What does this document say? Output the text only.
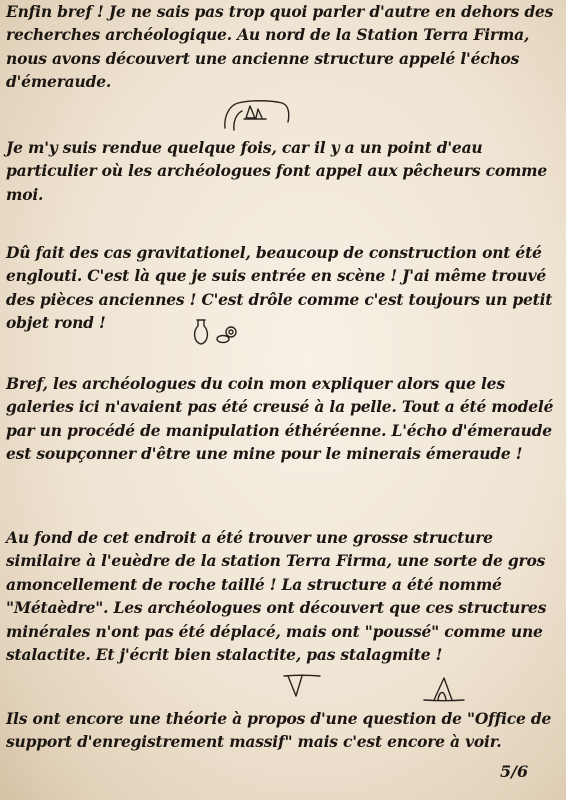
Enfin bref ! Je ne sais pas trop quoi parler d'autre en dehors des recherches archéologique. Au nord de la Station Terra Firma, nous avons découvert une ancienne structure appelé l'échos d'émeraude.

Je m'y suis rendue quelque fois, car il y a un point d'eau particulier où les archéologues font appel aux pêcheurs comme moi.

Dû fait des cas gravitationel, beaucoup de construction ont été englouti. C'est là que je suis entrée en scène ! J'ai même trouvé des pièces anciennes ! C'est drôle comme c'est toujours un petit objet rond !

Bref, les archéologues du coin mon expliquer alors que les galeries ici n'avaient pas été creusé à la pelle. Tout a été modelé par un procédé de manipulation éthéréenne. L'écho d'émeraude est soupçonner d'être une mine pour le minerais émeraude !

Au fond de cet endroit a été trouver une grosse structure similaire à l'euèdre de la station Terra Firma, une sorte de gros amoncellement de roche taillé ! La structure a été nommé "Métaèdre". Les archéologues ont découvert que ces structures minérales n'ont pas été déplacé, mais ont "poussé" comme une stalactite. Et j'écrit bien stalactite, pas stalagmite !

Ils ont encore une théorie à propos d'une question de "Office de support d'enregistrement massif" mais c'est encore à voir.

5/6
